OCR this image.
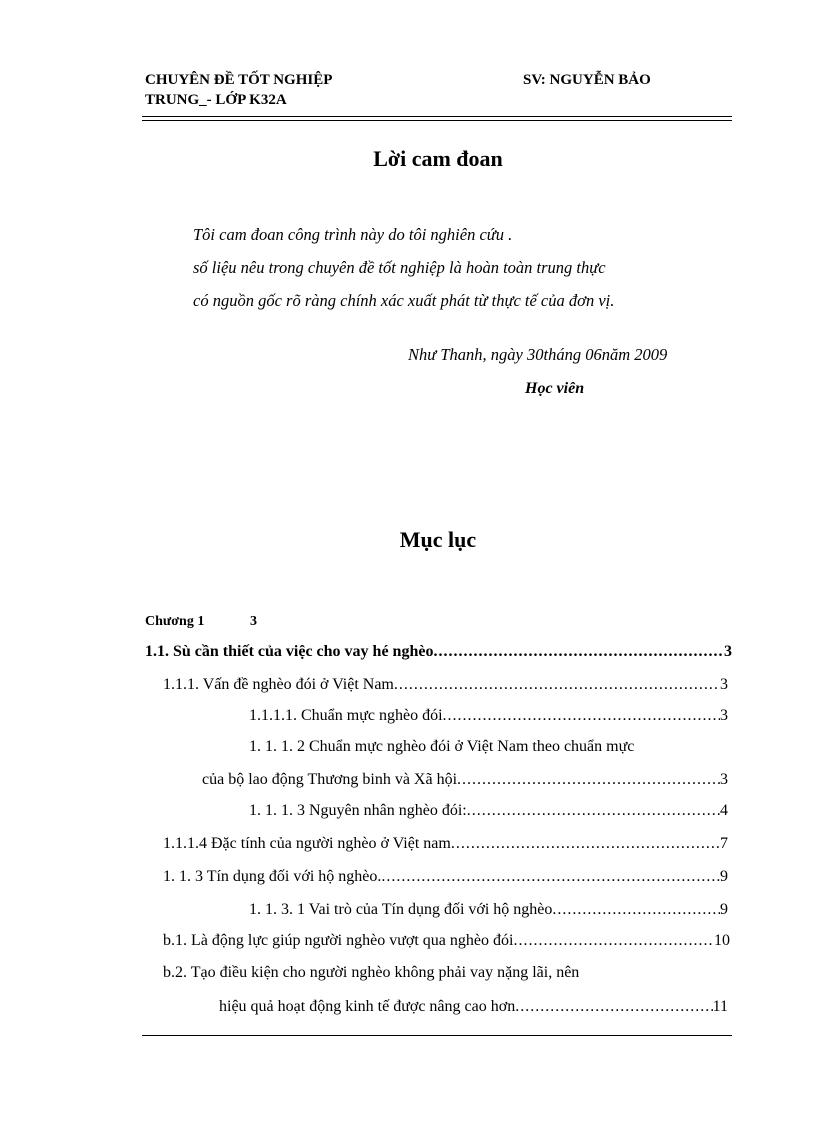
CHUYÊN ĐỀ TỐT NGHIỆP
TRUNG_- LỚP K32A
SV: NGUYỄN BẢO
Lời cam đoan
Tôi cam đoan công trình này do tôi nghiên cứu .
số liệu nêu trong chuyên đề tốt nghiệp là hoàn toàn trung thực
có nguồn gốc rõ ràng chính xác xuất phát từ thực tế của đơn vị.
Như Thanh, ngày 30tháng 06năm 2009
Học viên
Mục lục
Chương 1	3
1.1. Sù cần thiết của việc cho vay hé nghèo .....	3
1.1.1. Vấn đề nghèo đói ở Việt Nam .....	3
1.1.1.1. Chuẩn mực nghèo đói .....	3
1. 1. 1. 2 Chuẩn mực nghèo đói ở Việt Nam theo chuẩn mực
của bộ lao động Thương binh và Xã hội .....	3
1. 1. 1. 3 Nguyên nhân nghèo đói: .....	4
1.1.1.4 Đặc tính của người nghèo ở Việt nam .....	7
1. 1. 3 Tín dụng đối với hộ nghèo. .....	9
1. 1. 3. 1 Vai trò của Tín dụng đối với hộ nghèo .....	9
b.1. Là động lực giúp người nghèo vượt qua nghèo đói .....	10
b.2. Tạo điều kiện cho người nghèo không phải vay nặng lãi, nên
hiệu quả hoạt động kinh tế được nâng cao hơn .....	11
